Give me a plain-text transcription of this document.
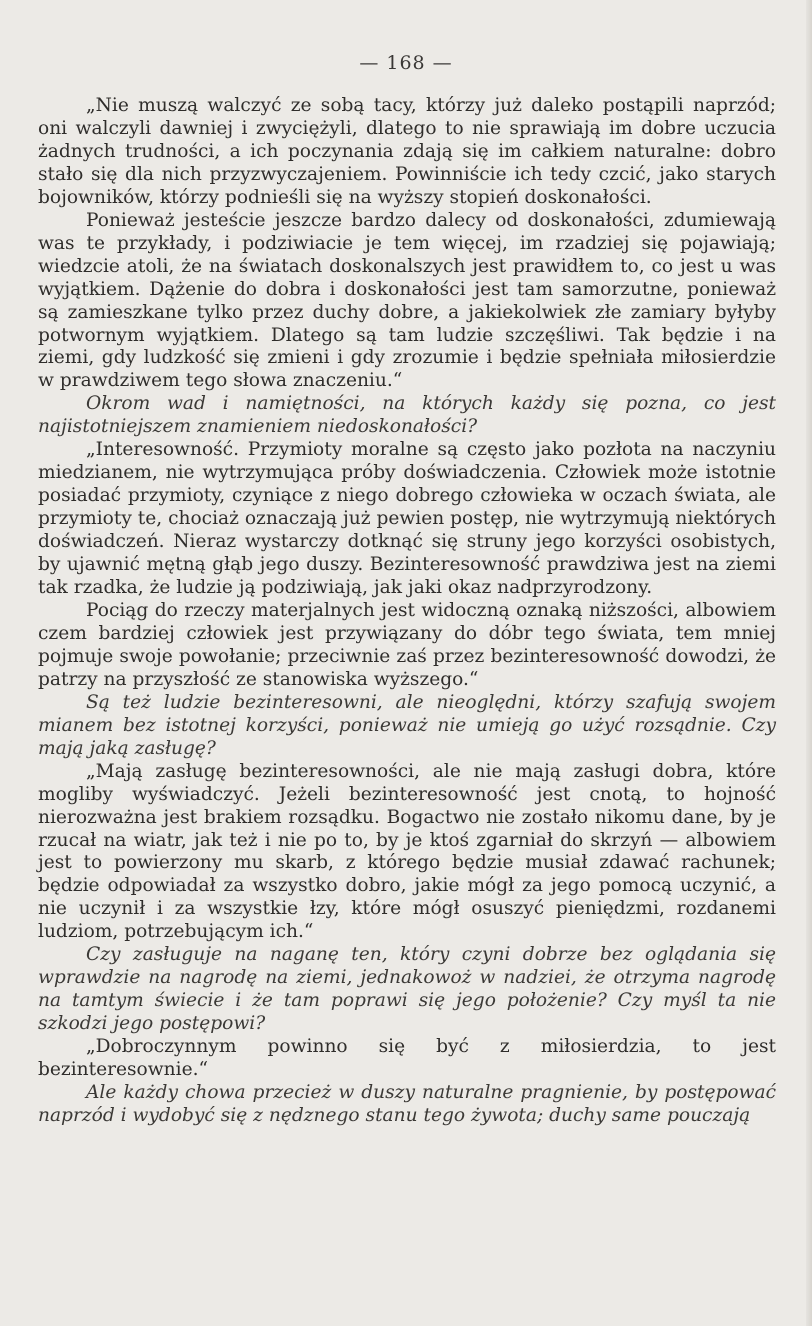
— 168 —

„Nie muszą walczyć ze sobą tacy, którzy już daleko postąpili naprzód; oni walczyli dawniej i zwyciężyli, dlatego to nie sprawiają im dobre uczucia żadnych trudności, a ich poczynania zdają się im całkiem naturalne: dobro stało się dla nich przyzwyczajeniem. Powinniście ich tedy czcić, jako starych bojowników, którzy podnieśli się na wyższy stopień doskonałości.

Ponieważ jesteście jeszcze bardzo dalecy od doskonałości, zdumiewają was te przykłady, i podziwiacie je tem więcej, im rzadziej się pojawiają; wiedzcie atoli, że na światach doskonalszych jest prawidłem to, co jest u was wyjątkiem. Dążenie do dobra i doskonałości jest tam samorzutne, ponieważ są zamieszkane tylko przez duchy dobre, a jakiekolwiek złe zamiary byłyby potwornym wyjątkiem. Dlatego są tam ludzie szczęśliwi. Tak będzie i na ziemi, gdy ludzkość się zmieni i gdy zrozumie i będzie spełniała miłosierdzie w prawdziwem tego słowa znaczeniu.“

Okrom wad i namiętności, na których każdy się pozna, co jest najistotniejszem znamieniem niedoskonałości?

„Interesowność. Przymioty moralne są często jako pozłota na naczyniu miedzianem, nie wytrzymująca próby doświadczenia. Człowiek może istotnie posiadać przymioty, czyniące z niego dobrego człowieka w oczach świata, ale przymioty te, chociaż oznaczają już pewien postęp, nie wytrzymują niektórych doświadczeń. Nieraz wystarczy dotknąć się struny jego korzyści osobistych, by ujawnić mętną głąb jego duszy. Bezinteresowność prawdziwa jest na ziemi tak rzadka, że ludzie ją podziwiają, jak jaki okaz nadprzyrodzony.

Pociąg do rzeczy materjalnych jest widoczną oznaką niższości, albowiem czem bardziej człowiek jest przywiązany do dóbr tego świata, tem mniej pojmuje swoje powołanie; przeciwnie zaś przez bezinteresowność dowodzi, że patrzy na przyszłość ze stanowiska wyższego.“

Są też ludzie bezinteresowni, ale nieoględni, którzy szafują swojem mianem bez istotnej korzyści, ponieważ nie umieją go użyć rozsądnie. Czy mają jaką zasługę?

„Mają zasługę bezinteresowności, ale nie mają zasługi dobra, które mogliby wyświadczyć. Jeżeli bezinteresowność jest cnotą, to hojność nierozważna jest brakiem rozsądku. Bogactwo nie zostało nikomu dane, by je rzucał na wiatr, jak też i nie po to, by je ktoś zgarniał do skrzyń — albowiem jest to powierzony mu skarb, z którego będzie musiał zdawać rachunek; będzie odpowiadał za wszystko dobro, jakie mógł za jego pomocą uczynić, a nie uczynił i za wszystkie łzy, które mógł osuszyć pieniędzmi, rozdanemi ludziom, potrzebującym ich.“

Czy zasługuje na naganę ten, który czyni dobrze bez oglądania się wprawdzie na nagrodę na ziemi, jednakowoż w nadziei, że otrzyma nagrodę na tamtym świecie i że tam poprawi się jego położenie? Czy myśl ta nie szkodzi jego postępowi?

„Dobroczynnym powinno się być z miłosierdzia, to jest bezinteresownie.“

Ale każdy chowa przecież w duszy naturalne pragnienie, by postępować naprzód i wydobyć się z nędznego stanu tego żywota; duchy same pouczają
